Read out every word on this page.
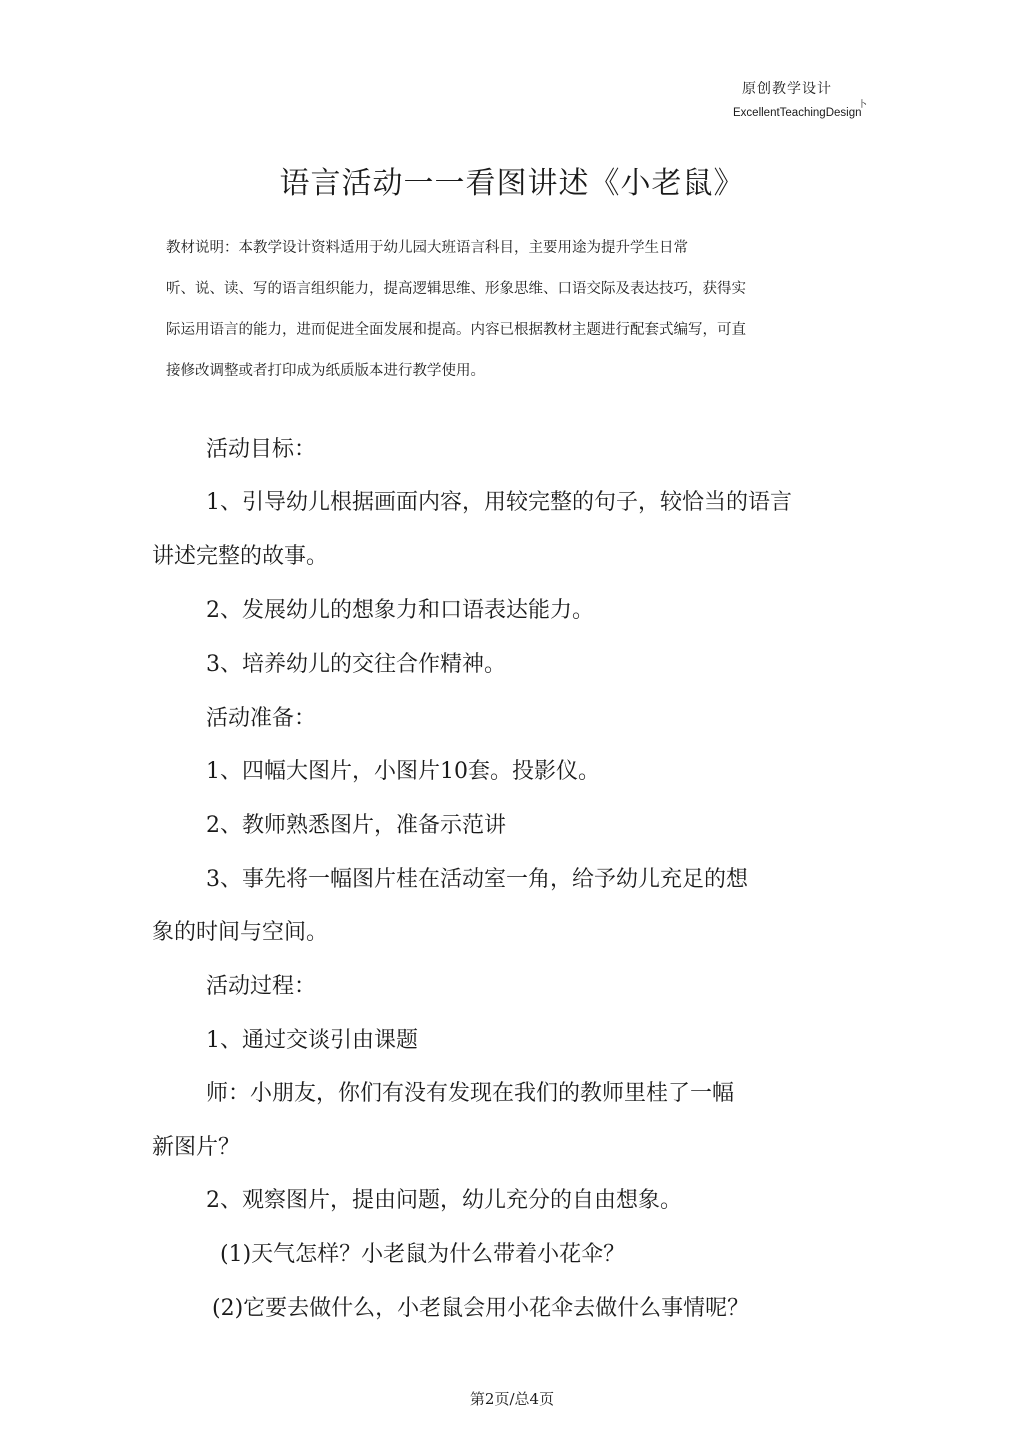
原创教学设计
卜
ExcellentTeachingDesign
语言活动一一看图讲述《小老鼠》
教材说明：本教学设计资料适用于幼儿园大班语言科目，主要用途为提升学生日常
听、说、读、写的语言组织能力，提高逻辑思维、形象思维、口语交际及表达技巧，获得实
际运用语言的能力，进而促进全面发展和提高。内容已根据教材主题进行配套式编写，可直
接修改调整或者打印成为纸质版本进行教学使用。
活动目标：
1、引导幼儿根据画面内容，用较完整的句子，较恰当的语言
讲述完整的故事。
2、发展幼儿的想象力和口语表达能力。
3、培养幼儿的交往合作精神。
活动准备：
1、四幅大图片，小图片10套。投影仪。
2、教师熟悉图片，准备示范讲
3、事先将一幅图片桂在活动室一角，给予幼儿充足的想
象的时间与空间。
活动过程：
1、通过交谈引由课题
师：小朋友，你们有没有发现在我们的教师里桂了一幅
新图片？
2、观察图片，提由问题，幼儿充分的自由想象。
(1)天气怎样？小老鼠为什么带着小花伞？
(2)它要去做什么，小老鼠会用小花伞去做什么事情呢？
第2页/总4页
